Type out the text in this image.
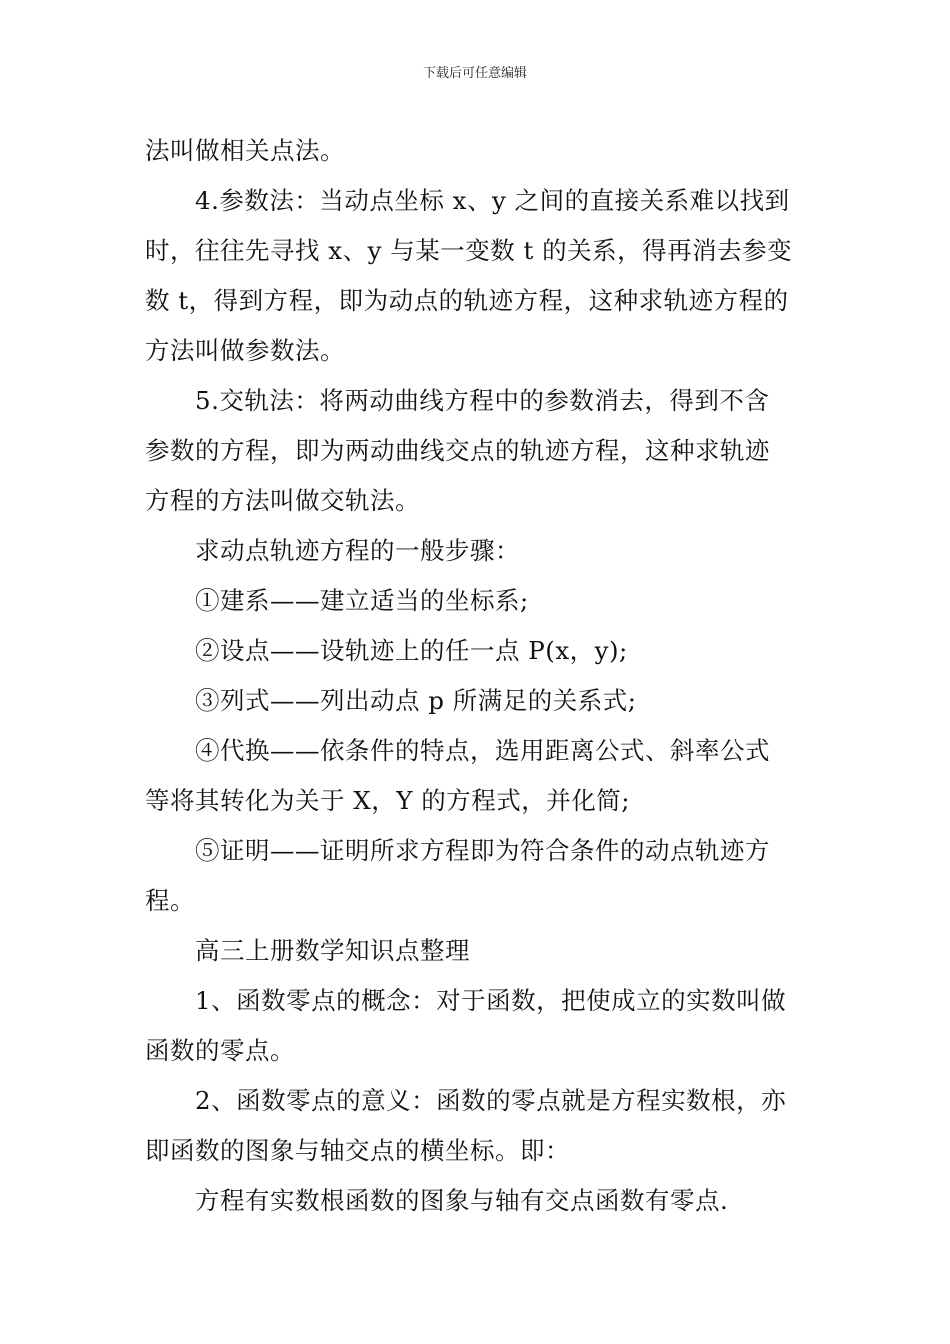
下载后可任意编辑
法叫做相关点法。
4.参数法：当动点坐标 x、y 之间的直接关系难以找到
时，往往先寻找 x、y 与某一变数 t 的关系，得再消去参变
数 t，得到方程，即为动点的轨迹方程，这种求轨迹方程的
方法叫做参数法。
5.交轨法：将两动曲线方程中的参数消去，得到不含
参数的方程，即为两动曲线交点的轨迹方程，这种求轨迹
方程的方法叫做交轨法。
求动点轨迹方程的一般步骤：
①建系——建立适当的坐标系;
②设点——设轨迹上的任一点 P(x，y);
③列式——列出动点 p 所满足的关系式;
④代换——依条件的特点，选用距离公式、斜率公式
等将其转化为关于 X，Y 的方程式，并化简;
⑤证明——证明所求方程即为符合条件的动点轨迹方
程。
高三上册数学知识点整理
1、函数零点的概念：对于函数，把使成立的实数叫做
函数的零点。
2、函数零点的意义：函数的零点就是方程实数根，亦
即函数的图象与轴交点的横坐标。即：
方程有实数根函数的图象与轴有交点函数有零点.
